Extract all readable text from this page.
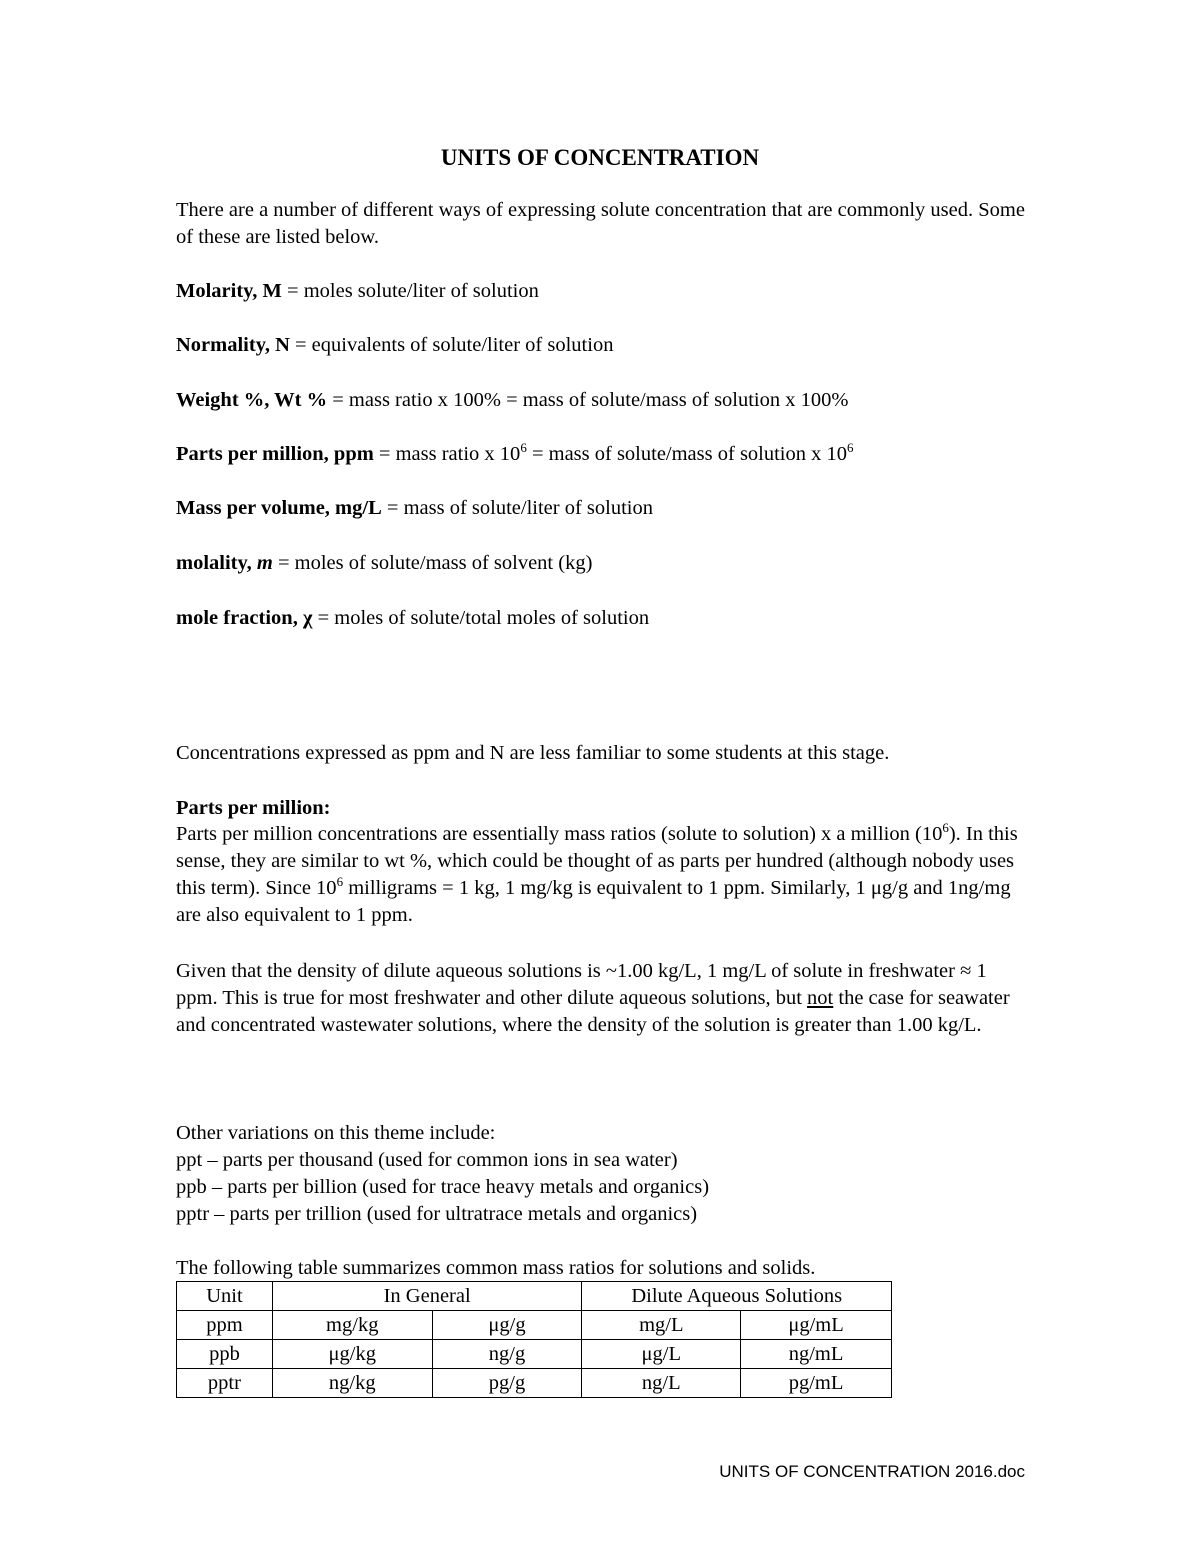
UNITS OF CONCENTRATION

There are a number of different ways of expressing solute concentration that are commonly used. Some of these are listed below.

Molarity, M = moles solute/liter of solution

Normality, N = equivalents of solute/liter of solution

Weight %, Wt % = mass ratio x 100% = mass of solute/mass of solution x 100%

Parts per million, ppm = mass ratio x $10^6$ = mass of solute/mass of solution x $10^6$

Mass per volume, mg/L = mass of solute/liter of solution

molality, m = moles of solute/mass of solvent (kg)

mole fraction, χ = moles of solute/total moles of solution

Concentrations expressed as ppm and N are less familiar to some students at this stage.

Parts per million:

Parts per million concentrations are essentially mass ratios (solute to solution) x a million $(10^6)$. In this sense, they are similar to wt %, which could be thought of as parts per hundred (although nobody uses this term). Since $10^6$ milligrams = 1 kg, 1 mg/kg is equivalent to 1 ppm. Similarly, 1 μg/g and 1ng/mg are also equivalent to 1 ppm.

Given that the density of dilute aqueous solutions is ~1.00 kg/L, 1 mg/L of solute in freshwater ≈ 1 ppm. This is true for most freshwater and other dilute aqueous solutions, but not the case for seawater and concentrated wastewater solutions, where the density of the solution is greater than 1.00 kg/L.

Other variations on this theme include:
ppt – parts per thousand (used for common ions in sea water)
ppb – parts per billion (used for trace heavy metals and organics)
pptr – parts per trillion (used for ultratrace metals and organics)

The following table summarizes common mass ratios for solutions and solids.

Unit	In General		Dilute Aqueous Solutions	
ppm	mg/kg	μg/g	mg/L	μg/mL
ppb	μg/kg	ng/g	μg/L	ng/mL
pptr	ng/kg	pg/g	ng/L	pg/mL
UNITS OF CONCENTRATION 2016.doc
